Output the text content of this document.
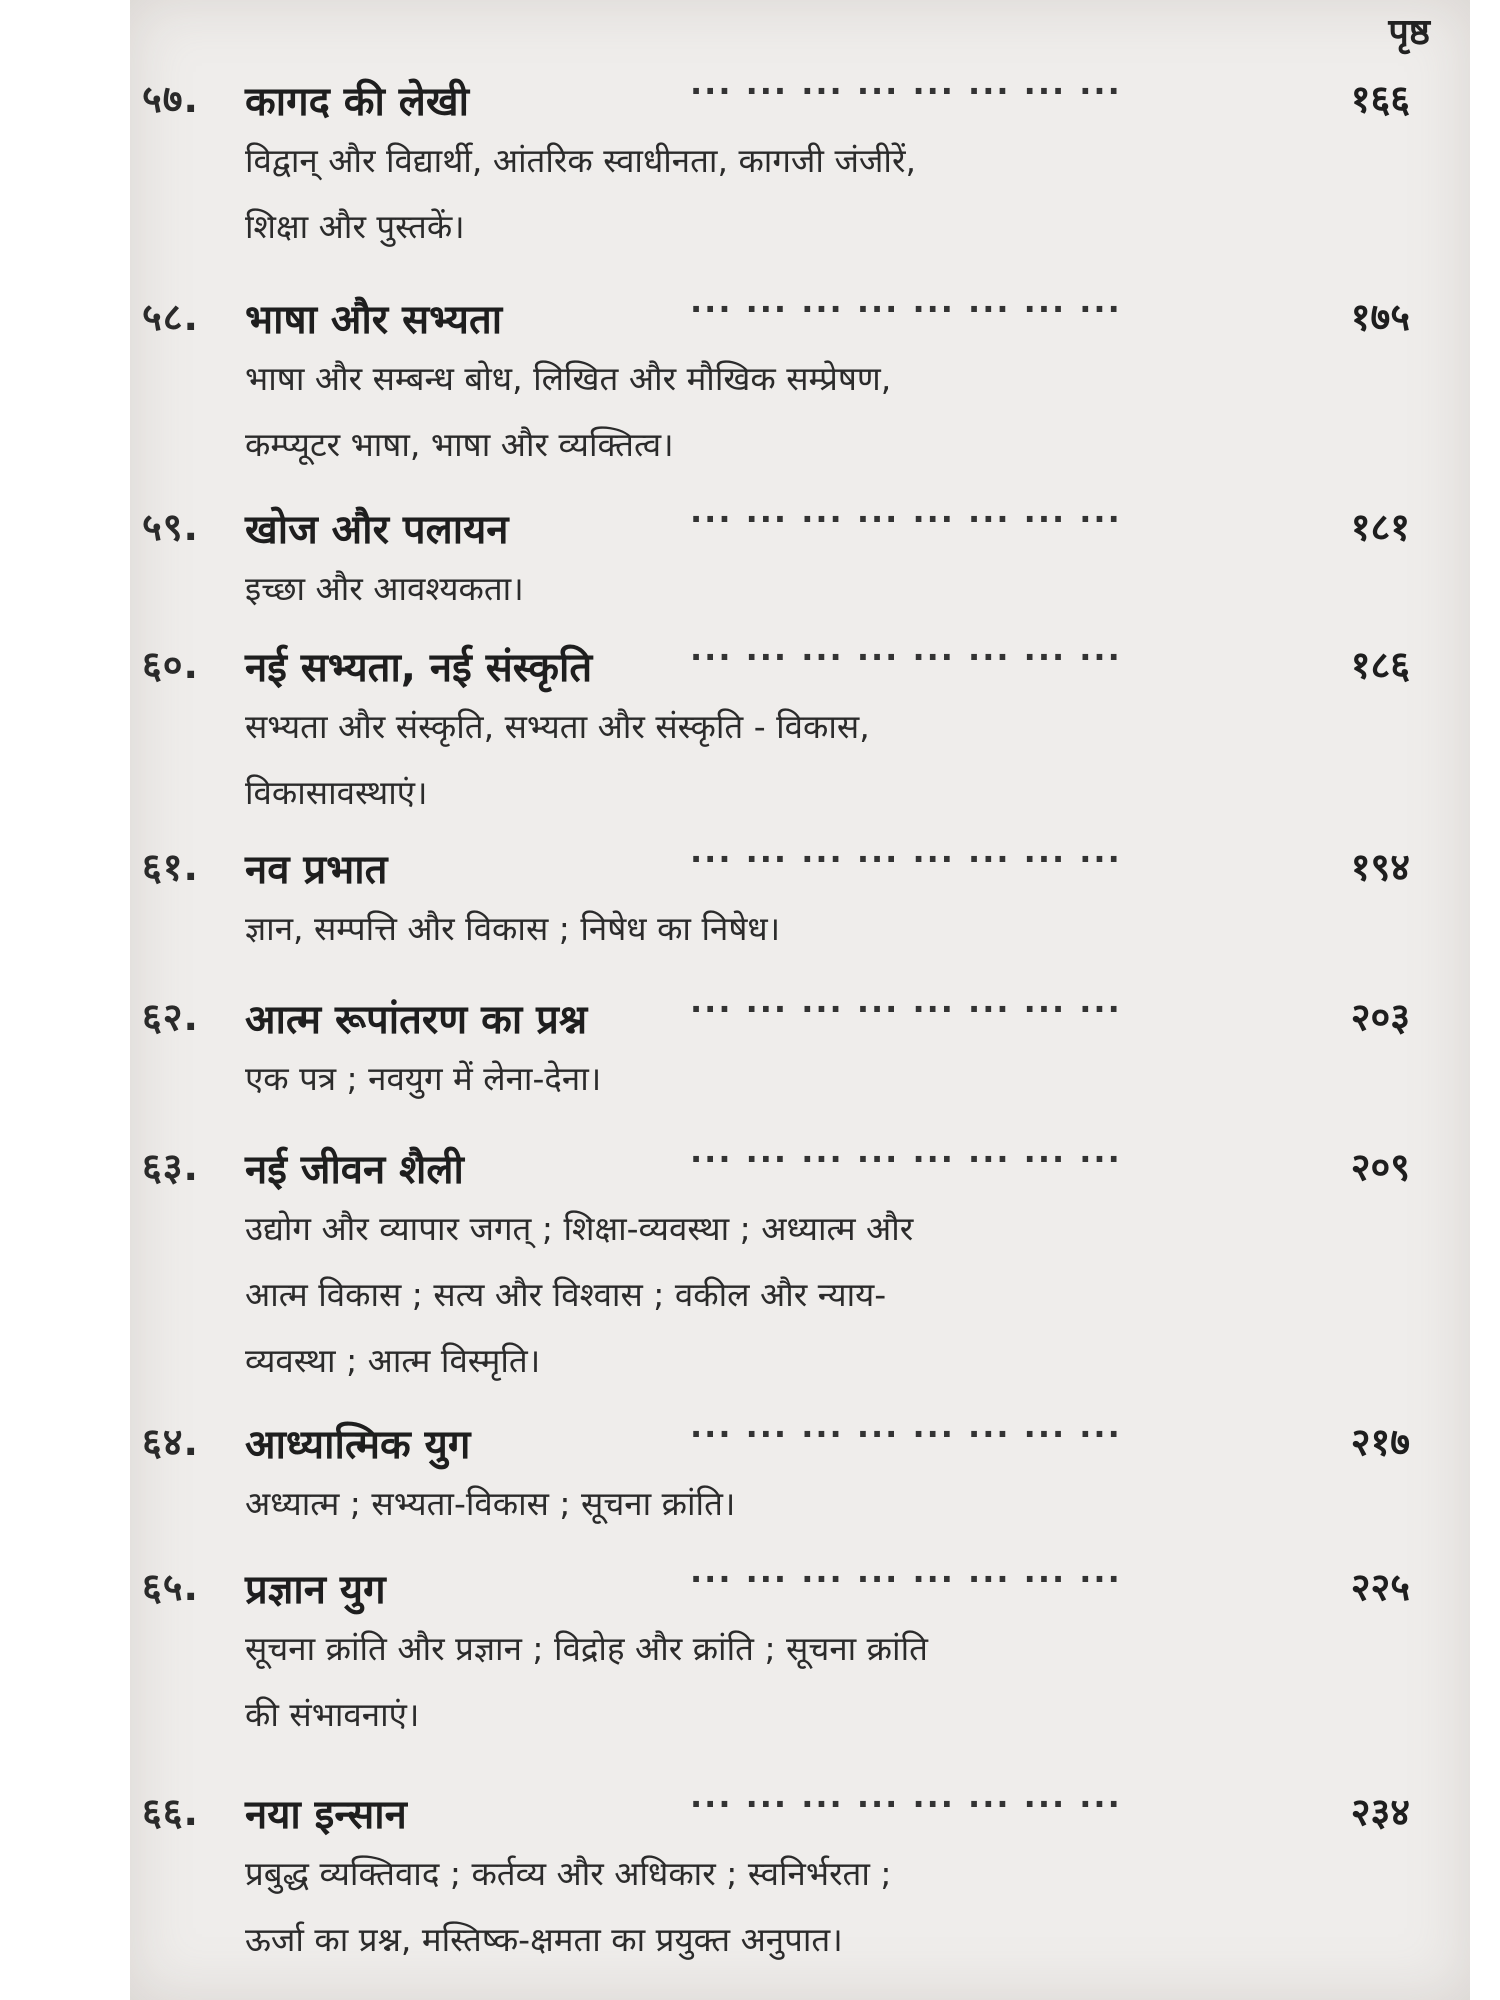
पृष्ठ
५७. कागद की लेखी	··· ··· ··· ··· ··· ··· ··· ···	१६६
विद्वान् और विद्यार्थी, आंतरिक स्वाधीनता, कागजी जंजीरें,
शिक्षा और पुस्तकें।
५८. भाषा और सभ्यता	··· ··· ··· ··· ··· ··· ··· ···	१७५
भाषा और सम्बन्ध बोध, लिखित और मौखिक सम्प्रेषण,
कम्प्यूटर भाषा, भाषा और व्यक्तित्व।
५९. खोज और पलायन	··· ··· ··· ··· ··· ··· ··· ···	१८१
इच्छा और आवश्यकता।
६०. नई सभ्यता, नई संस्कृति	··· ··· ··· ··· ··· ··· ··· ···	१८६
सभ्यता और संस्कृति, सभ्यता और संस्कृति - विकास,
विकासावस्थाएं।
६१. नव प्रभात	··· ··· ··· ··· ··· ··· ··· ···	१९४
ज्ञान, सम्पत्ति और विकास ; निषेध का निषेध।
६२. आत्म रूपांतरण का प्रश्न	··· ··· ··· ··· ··· ··· ··· ···	२०३
एक पत्र ; नवयुग में लेना-देना।
६३. नई जीवन शैली	··· ··· ··· ··· ··· ··· ··· ···	२०९
उद्योग और व्यापार जगत् ; शिक्षा-व्यवस्था ; अध्यात्म और
आत्म विकास ; सत्य और विश्वास ; वकील और न्याय-
व्यवस्था ; आत्म विस्मृति।
६४. आध्यात्मिक युग	··· ··· ··· ··· ··· ··· ··· ···	२१७
अध्यात्म ; सभ्यता-विकास ; सूचना क्रांति।
६५. प्रज्ञान युग	··· ··· ··· ··· ··· ··· ··· ···	२२५
सूचना क्रांति और प्रज्ञान ; विद्रोह और क्रांति ; सूचना क्रांति
की संभावनाएं।
६६. नया इन्सान	··· ··· ··· ··· ··· ··· ··· ···	२३४
प्रबुद्ध व्यक्तिवाद ; कर्तव्य और अधिकार ; स्वनिर्भरता ;
ऊर्जा का प्रश्न, मस्तिष्क-क्षमता का प्रयुक्त अनुपात।
